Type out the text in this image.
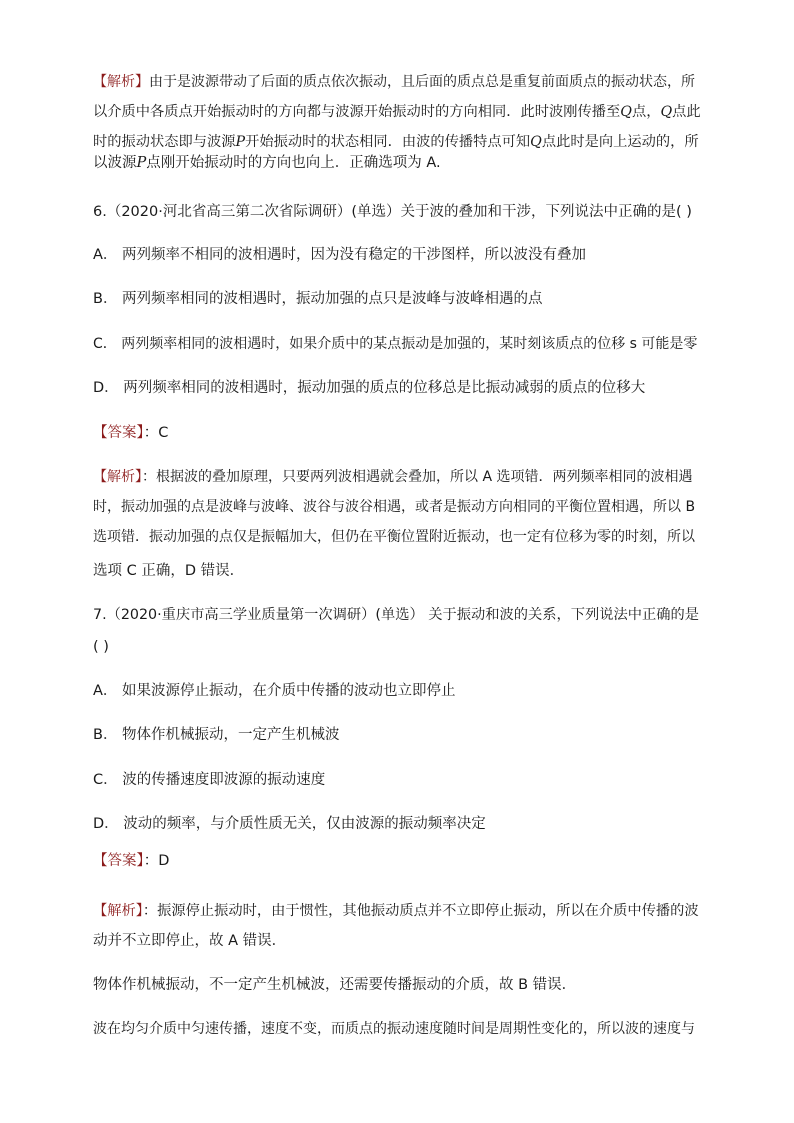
【解析】由于是波源带动了后面的质点依次振动，且后面的质点总是重复前面质点的振动状态，所
以介质中各质点开始振动时的方向都与波源开始振动时的方向相同．此时波刚传播至Q点，Q点此
时的振动状态即与波源P开始振动时的状态相同．由波的传播特点可知Q点此时是向上运动的，所
以波源P点刚开始振动时的方向也向上．正确选项为 A.
6.（2020·河北省高三第二次省际调研）(单选）关于波的叠加和干涉，下列说法中正确的是( )
A． 两列频率不相同的波相遇时，因为没有稳定的干涉图样，所以波没有叠加
B． 两列频率相同的波相遇时，振动加强的点只是波峰与波峰相遇的点
C． 两列频率相同的波相遇时，如果介质中的某点振动是加强的，某时刻该质点的位移 s 可能是零
D． 两列频率相同的波相遇时，振动加强的质点的位移总是比振动减弱的质点的位移大
【答案】：C
【解析】：根据波的叠加原理，只要两列波相遇就会叠加，所以 A 选项错．两列频率相同的波相遇
时，振动加强的点是波峰与波峰、波谷与波谷相遇，或者是振动方向相同的平衡位置相遇，所以 B
选项错．振动加强的点仅是振幅加大，但仍在平衡位置附近振动，也一定有位移为零的时刻，所以
选项 C 正确，D 错误．
7.（2020·重庆市高三学业质量第一次调研）(单选） 关于振动和波的关系，下列说法中正确的是
( )
A． 如果波源停止振动，在介质中传播的波动也立即停止
B． 物体作机械振动，一定产生机械波
C． 波的传播速度即波源的振动速度
D． 波动的频率，与介质性质无关，仅由波源的振动频率决定
【答案】：D
【解析】：振源停止振动时，由于惯性，其他振动质点并不立即停止振动，所以在介质中传播的波
动并不立即停止，故 A 错误．
物体作机械振动，不一定产生机械波，还需要传播振动的介质，故 B 错误．
波在均匀介质中匀速传播，速度不变，而质点的振动速度随时间是周期性变化的，所以波的速度与
